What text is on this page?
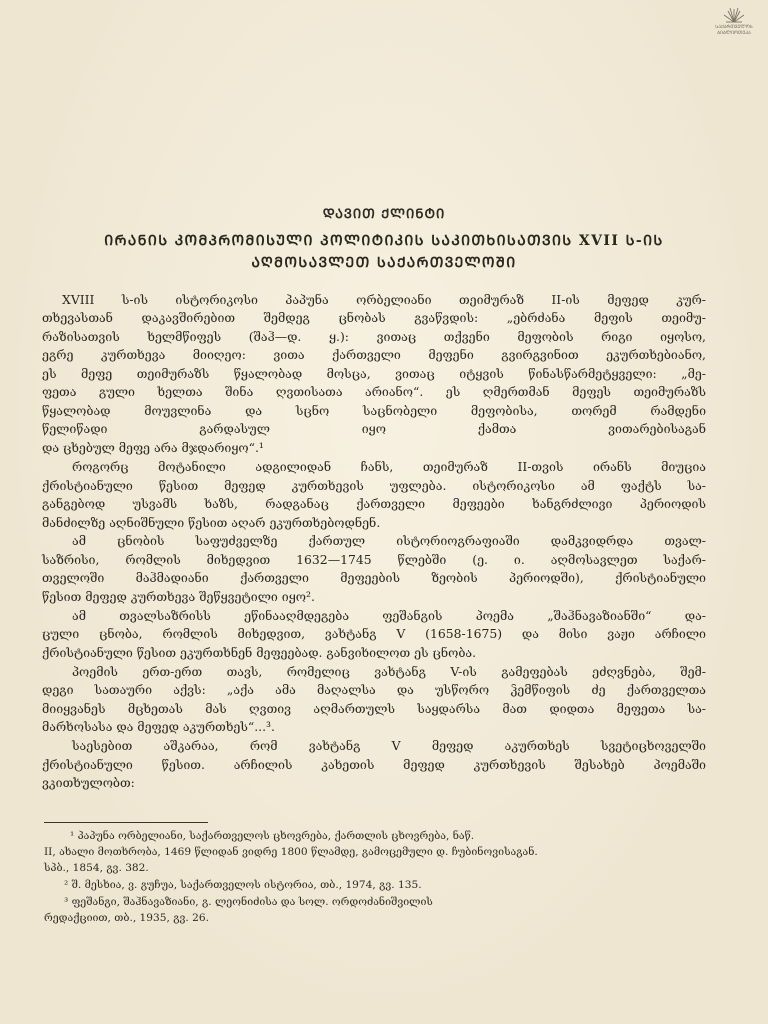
ᲡᲐᲥᲐᲠᲗᲕᲔᲚᲝᲡ
ᲑᲘᲑᲚᲘᲝᲗᲔᲙᲐ
ᲓᲐᲕᲘᲗ ᲥᲚᲘᲜᲢᲘ
ᲘᲠᲐᲜᲘᲡ ᲙᲝᲛᲞᲠᲝᲛᲘᲡᲣᲚᲘ ᲞᲝᲚᲘᲢᲘᲙᲘᲡ ᲡᲐᲙᲘᲗᲮᲘᲡᲐᲗᲕᲘᲡ XVII Ს-ᲘᲡ
ᲐᲦᲛᲝᲡᲐᲕᲚᲔᲗ ᲡᲐᲥᲐᲠᲗᲕᲔᲚᲝᲨᲘ
XVIII ს-ის ისტორიკოსი პაპუნა ორბელიანი თეიმურაზ II-ის მეფედ კურ-
თხევასთან დაკავშირებით შემდეგ ცნობას გვაწვდის: „ებრძანა მეფის თეიმუ-
რაზისათვის ხელმწიფეს (შაჰ—დ. ყ.): ვითაც თქვენი მეფობის რიგი იყოსო,
ეგრე კურთხევა მიიღეო: ვითა ქართველი მეფენი გვირგვინით ეკურთხებიანო,
ეს მეფე თეიმურაზს წყალობად მოსცა, ვითაც იტყვის წინასწარმეტყველი: „მე-
ფეთა გული ხელთა შინა ღვთისათა არიანო“. ეს ღმერთმან მეფეს თეიმურაზს
წყალობად მოუვლინა და სცნო საცნობელი მეფობისა, თორემ რამდენი
წელიწადი გარდასულ იყო ქამთა ვითარებისაგან
და ცხებულ მეფე არა მჯდარიყო“.¹
როგორც მოტანილი ადგილიდან ჩანს, თეიმურაზ II-თვის ირანს მიუცია
ქრისტიანული წესით მეფედ კურთხევის უფლება. ისტორიკოსი ამ ფაქტს სა-
განგებოდ უსვამს ხაზს, რადგანაც ქართველი მეფეები ხანგრძლივი პერიოდის
მანძილზე აღნიშნული წესით აღარ ეკურთხებოდნენ.
ამ ცნობის საფუძველზე ქართულ ისტორიოგრაფიაში დამკვიდრდა თვალ-
საზრისი, რომლის მიხედვით 1632—1745 წლებში (ე. ი. აღმოსავლეთ საქარ-
თველოში მაჰმადიანი ქართველი მეფეების ზეობის პერიოდში), ქრისტიანული
წესით მეფედ კურთხევა შეწყვეტილი იყო².
ამ თვალსაზრისს ეწინააღმდეგება ფეშანგის პოემა „შაჰნავაზიანში“ და-
ცული ცნობა, რომლის მიხედვით, ვახტანგ V (1658-1675) და მისი ვაჟი არჩილი
ქრისტიანული წესით ეკურთხნენ მეფეებად. განვიხილოთ ეს ცნობა.
პოემის ერთ-ერთ თავს, რომელიც ვახტანგ V-ის გამეფებას ეძღვნება, შემ-
დეგი სათაური აქვს: „აქა ამა მაღალსა და უსწორო ჴემწიფის ძე ქართველთა
მიიყვანეს მცხეთას მას ღვთივ აღმართულს საყდარსა მათ დიდთა მეფეთა სა-
მარხოსასა და მეფედ აკურთხეს“...³.
საესებით აშკარაა, რომ ვახტანგ V მეფედ აკურთხეს სვეტიცხოველში
ქრისტიანული წესით. არჩილის კახეთის მეფედ კურთხევის შესახებ პოემაში
ვკითხულობთ:
¹ პაპუნა ორბელიანი, საქართველოს ცხოვრება, ქართლის ცხოვრება, ნაწ.
II, ახალი მოთხრობა, 1469 წლიდან ვიდრე 1800 წლამდე, გამოცემული დ. ჩუბინოვისაგან.
სპბ., 1854, გვ. 382.
² შ. მესხია, ვ. გუჩუა, საქართველოს ისტორია, თბ., 1974, გვ. 135.
³ ფეშანგი, შაჰნავაზიანი, გ. ლეონიძისა და სოლ. ორდოძანიშვილის
რედაქციით, თბ., 1935, გვ. 26.
